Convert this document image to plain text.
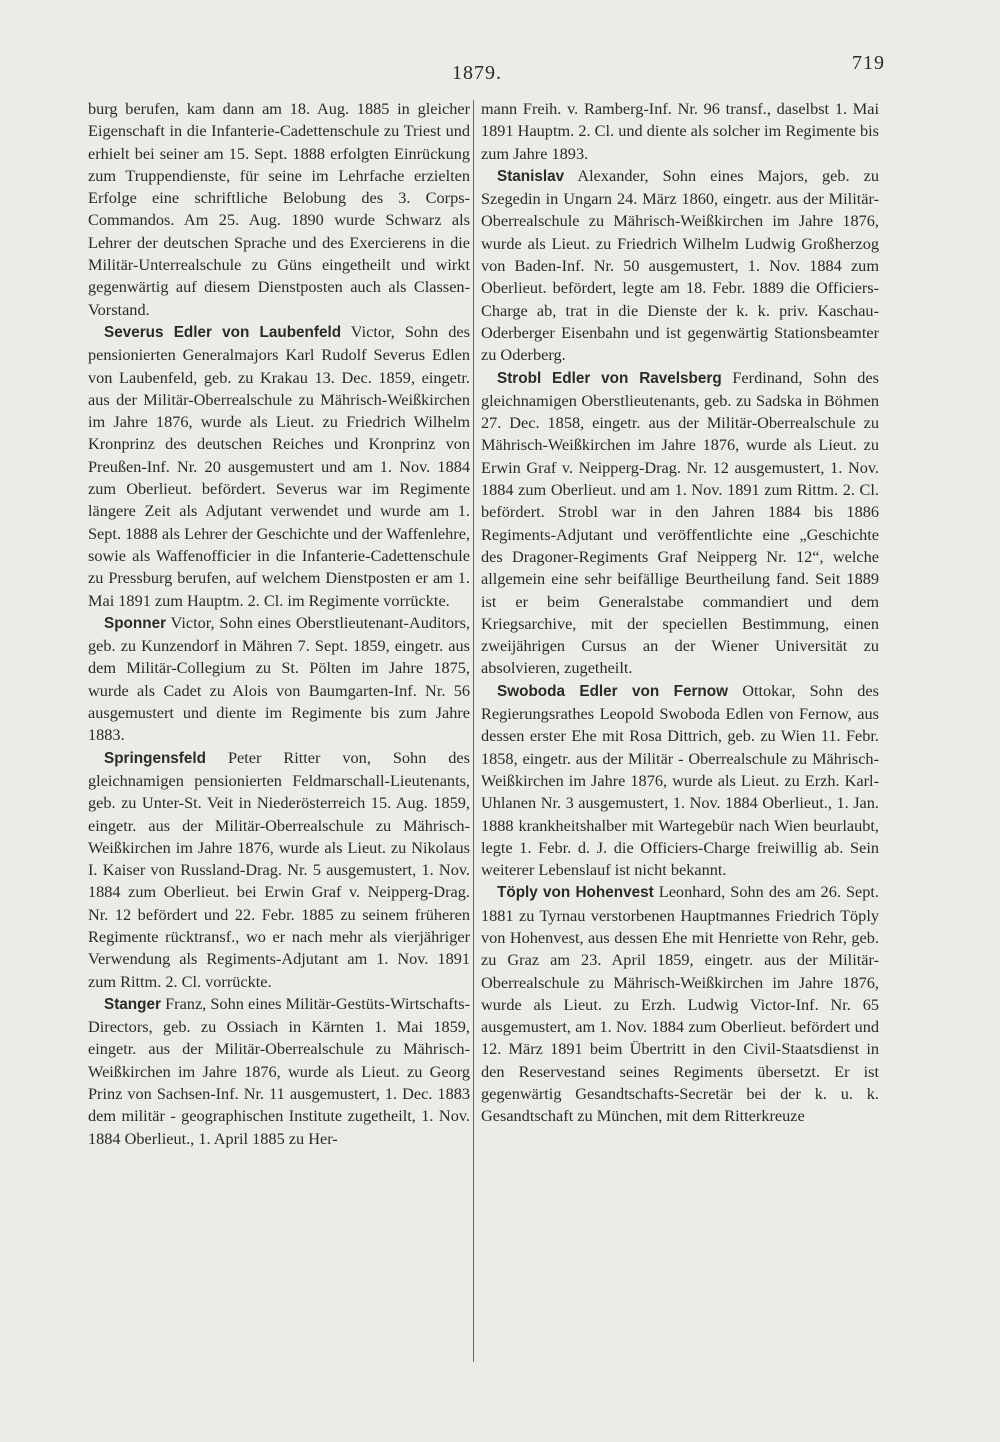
1879.	719

burg berufen, kam dann am 18. Aug. 1885 in gleicher Eigenschaft in die Infanterie-Cadettenschule zu Triest und erhielt bei seiner am 15. Sept. 1888 erfolgten Einrückung zum Truppendienste, für seine im Lehrfache erzielten Erfolge eine schriftliche Belobung des 3. Corps-Commandos. Am 25. Aug. 1890 wurde Schwarz als Lehrer der deutschen Sprache und des Exercierens in die Militär-Unterrealschule zu Güns eingetheilt und wirkt gegenwärtig auf diesem Dienstposten auch als Classen-Vorstand.

Severus Edler von Laubenfeld Victor, Sohn des pensionierten Generalmajors Karl Rudolf Severus Edlen von Laubenfeld, geb. zu Krakau 13. Dec. 1859, eingetr. aus der Militär-Oberrealschule zu Mährisch-Weißkirchen im Jahre 1876, wurde als Lieut. zu Friedrich Wilhelm Kronprinz des deutschen Reiches und Kronprinz von Preußen-Inf. Nr. 20 ausgemustert und am 1. Nov. 1884 zum Oberlieut. befördert. Severus war im Regimente längere Zeit als Adjutant verwendet und wurde am 1. Sept. 1888 als Lehrer der Geschichte und der Waffenlehre, sowie als Waffenofficier in die Infanterie-Cadettenschule zu Pressburg berufen, auf welchem Dienstposten er am 1. Mai 1891 zum Hauptm. 2. Cl. im Regimente vorrückte.

Sponner Victor, Sohn eines Oberstlieutenant-Auditors, geb. zu Kunzendorf in Mähren 7. Sept. 1859, eingetr. aus dem Militär-Collegium zu St. Pölten im Jahre 1875, wurde als Cadet zu Alois von Baumgarten-Inf. Nr. 56 ausgemustert und diente im Regimente bis zum Jahre 1883.

Springensfeld Peter Ritter von, Sohn des gleichnamigen pensionierten Feldmarschall-Lieutenants, geb. zu Unter-St. Veit in Niederösterreich 15. Aug. 1859, eingetr. aus der Militär-Oberrealschule zu Mährisch-Weißkirchen im Jahre 1876, wurde als Lieut. zu Nikolaus I. Kaiser von Russland-Drag. Nr. 5 ausgemustert, 1. Nov. 1884 zum Oberlieut. bei Erwin Graf v. Neipperg-Drag. Nr. 12 befördert und 22. Febr. 1885 zu seinem früheren Regimente rücktransf., wo er nach mehr als vierjähriger Verwendung als Regiments-Adjutant am 1. Nov. 1891 zum Rittm. 2. Cl. vorrückte.

Stanger Franz, Sohn eines Militär-Gestüts-Wirtschafts-Directors, geb. zu Ossiach in Kärnten 1. Mai 1859, eingetr. aus der Militär-Oberrealschule zu Mährisch-Weißkirchen im Jahre 1876, wurde als Lieut. zu Georg Prinz von Sachsen-Inf. Nr. 11 ausgemustert, 1. Dec. 1883 dem militär - geographischen Institute zugetheilt, 1. Nov. 1884 Oberlieut., 1. April 1885 zu Her-

mann Freih. v. Ramberg-Inf. Nr. 96 transf., daselbst 1. Mai 1891 Hauptm. 2. Cl. und diente als solcher im Regimente bis zum Jahre 1893.

Stanislav Alexander, Sohn eines Majors, geb. zu Szegedin in Ungarn 24. März 1860, eingetr. aus der Militär-Oberrealschule zu Mährisch-Weißkirchen im Jahre 1876, wurde als Lieut. zu Friedrich Wilhelm Ludwig Großherzog von Baden-Inf. Nr. 50 ausgemustert, 1. Nov. 1884 zum Oberlieut. befördert, legte am 18. Febr. 1889 die Officiers-Charge ab, trat in die Dienste der k. k. priv. Kaschau-Oderberger Eisenbahn und ist gegenwärtig Stationsbeamter zu Oderberg.

Strobl Edler von Ravelsberg Ferdinand, Sohn des gleichnamigen Oberstlieutenants, geb. zu Sadska in Böhmen 27. Dec. 1858, eingetr. aus der Militär-Oberrealschule zu Mährisch-Weißkirchen im Jahre 1876, wurde als Lieut. zu Erwin Graf v. Neipperg-Drag. Nr. 12 ausgemustert, 1. Nov. 1884 zum Oberlieut. und am 1. Nov. 1891 zum Rittm. 2. Cl. befördert. Strobl war in den Jahren 1884 bis 1886 Regiments-Adjutant und veröffentlichte eine „Geschichte des Dragoner-Regiments Graf Neipperg Nr. 12“, welche allgemein eine sehr beifällige Beurtheilung fand. Seit 1889 ist er beim Generalstabe commandiert und dem Kriegsarchive, mit der speciellen Bestimmung, einen zweijährigen Cursus an der Wiener Universität zu absolvieren, zugetheilt.

Swoboda Edler von Fernow Ottokar, Sohn des Regierungsrathes Leopold Swoboda Edlen von Fernow, aus dessen erster Ehe mit Rosa Dittrich, geb. zu Wien 11. Febr. 1858, eingetr. aus der Militär - Oberrealschule zu Mährisch-Weißkirchen im Jahre 1876, wurde als Lieut. zu Erzh. Karl-Uhlanen Nr. 3 ausgemustert, 1. Nov. 1884 Oberlieut., 1. Jan. 1888 krankheitshalber mit Wartegebür nach Wien beurlaubt, legte 1. Febr. d. J. die Officiers-Charge freiwillig ab. Sein weiterer Lebenslauf ist nicht bekannt.

Töply von Hohenvest Leonhard, Sohn des am 26. Sept. 1881 zu Tyrnau verstorbenen Hauptmannes Friedrich Töply von Hohenvest, aus dessen Ehe mit Henriette von Rehr, geb. zu Graz am 23. April 1859, eingetr. aus der Militär-Oberrealschule zu Mährisch-Weißkirchen im Jahre 1876, wurde als Lieut. zu Erzh. Ludwig Victor-Inf. Nr. 65 ausgemustert, am 1. Nov. 1884 zum Oberlieut. befördert und 12. März 1891 beim Übertritt in den Civil-Staatsdienst in den Reservestand seines Regiments übersetzt. Er ist gegenwärtig Gesandtschafts-Secretär bei der k. u. k. Gesandtschaft zu München, mit dem Ritterkreuze
